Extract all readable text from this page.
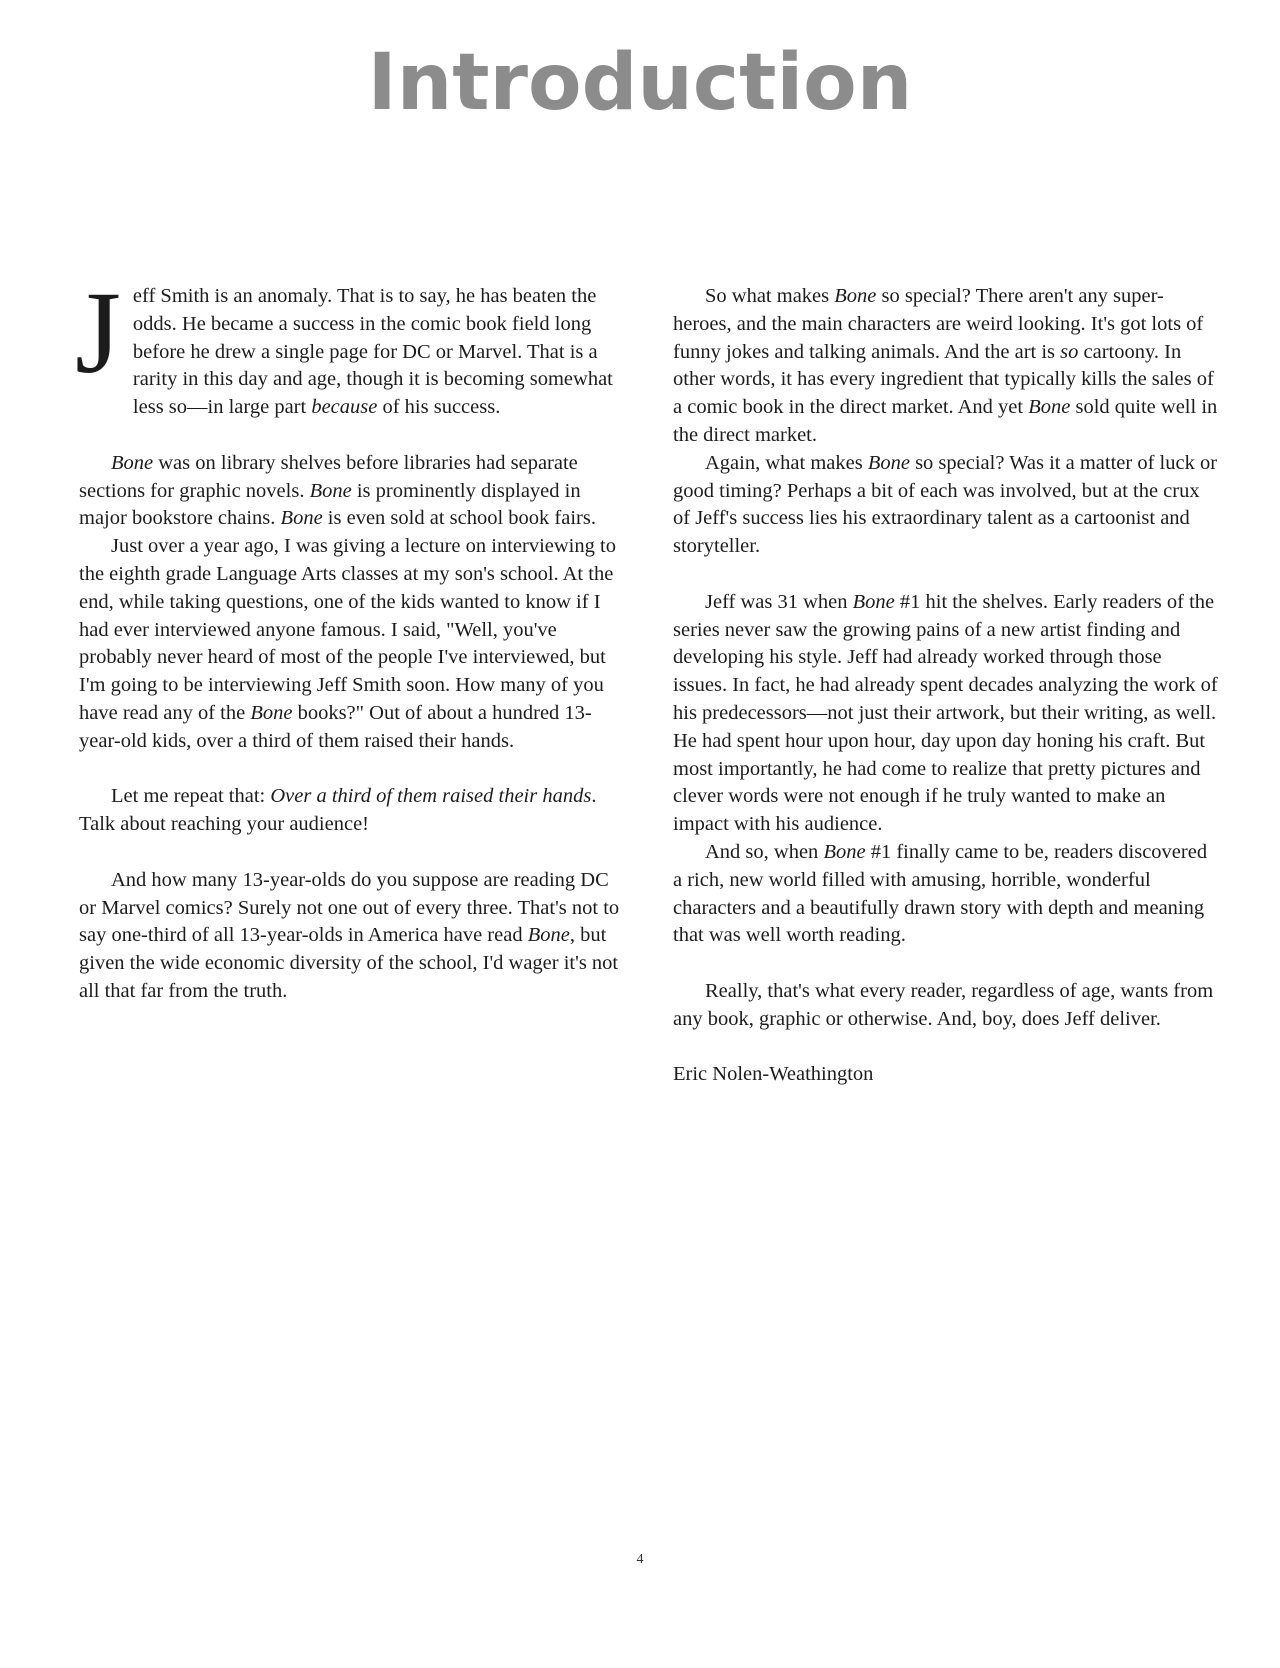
Introduction

Jeff Smith is an anomaly. That is to say, he has beaten the odds. He became a success in the comic book field long before he drew a single page for DC or Marvel. That is a rarity in this day and age, though it is becoming somewhat less so—in large part because of his success.

Bone was on library shelves before libraries had separate sections for graphic novels. Bone is prominently displayed in major bookstore chains. Bone is even sold at school book fairs.

Just over a year ago, I was giving a lecture on interviewing to the eighth grade Language Arts classes at my son's school. At the end, while taking questions, one of the kids wanted to know if I had ever interviewed anyone famous. I said, "Well, you've probably never heard of most of the people I've interviewed, but I'm going to be interviewing Jeff Smith soon. How many of you have read any of the Bone books?" Out of about a hundred 13-year-old kids, over a third of them raised their hands.

Let me repeat that: Over a third of them raised their hands. Talk about reaching your audience!

And how many 13-year-olds do you suppose are reading DC or Marvel comics? Surely not one out of every three. That's not to say one-third of all 13-year-olds in America have read Bone, but given the wide economic diversity of the school, I'd wager it's not all that far from the truth.

So what makes Bone so special? There aren't any super-heroes, and the main characters are weird looking. It's got lots of funny jokes and talking animals. And the art is so cartoony. In other words, it has every ingredient that typically kills the sales of a comic book in the direct market. And yet Bone sold quite well in the direct market.

Again, what makes Bone so special? Was it a matter of luck or good timing? Perhaps a bit of each was involved, but at the crux of Jeff's success lies his extraordinary talent as a cartoonist and storyteller.

Jeff was 31 when Bone #1 hit the shelves. Early readers of the series never saw the growing pains of a new artist finding and developing his style. Jeff had already worked through those issues. In fact, he had already spent decades analyzing the work of his predecessors—not just their artwork, but their writing, as well. He had spent hour upon hour, day upon day honing his craft. But most importantly, he had come to realize that pretty pictures and clever words were not enough if he truly wanted to make an impact with his audience.

And so, when Bone #1 finally came to be, readers discovered a rich, new world filled with amusing, horrible, wonderful characters and a beautifully drawn story with depth and meaning that was well worth reading.

Really, that's what every reader, regardless of age, wants from any book, graphic or otherwise. And, boy, does Jeff deliver.

Eric Nolen-Weathington

4
